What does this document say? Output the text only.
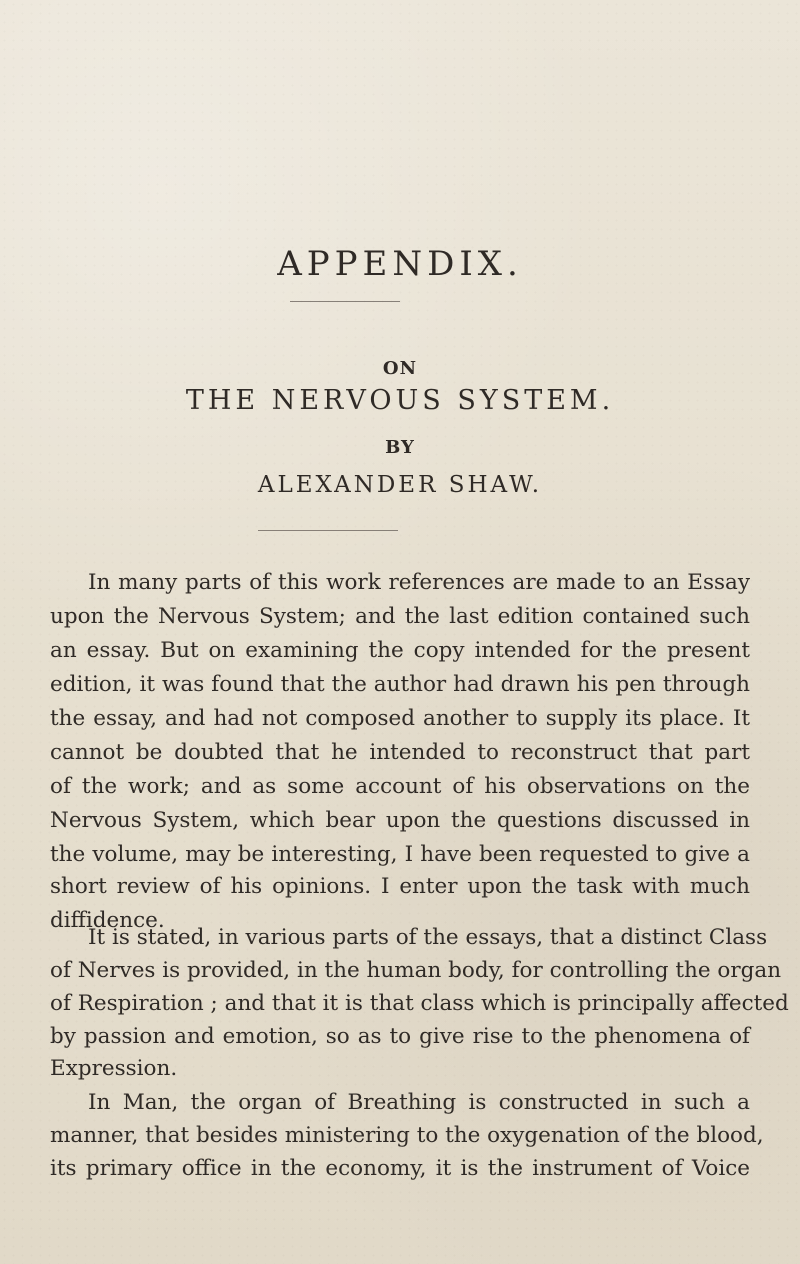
APPENDIX.
ON
THE NERVOUS SYSTEM.
BY
ALEXANDER SHAW.

In many parts of this work references are made to an Essay

upon the Nervous System; and the last edition contained such

an essay. But on examining the copy intended for the present

edition, it was found that the author had drawn his pen through

the essay, and had not composed another to supply its place. It

cannot be doubted that he intended to reconstruct that part

of the work; and as some account of his observations on the

Nervous System, which bear upon the questions discussed in

the volume, may be interesting, I have been requested to give a

short review of his opinions. I enter upon the task with much

diffidence.

It is stated, in various parts of the essays, that a distinct Class

of Nerves is provided, in the human body, for controlling the organ

of Respiration ; and that it is that class which is principally affected

by passion and emotion, so as to give rise to the phenomena of

Expression.

In Man, the organ of Breathing is constructed in such a

manner, that besides ministering to the oxygenation of the blood,

its primary office in the economy, it is the instrument of Voice
